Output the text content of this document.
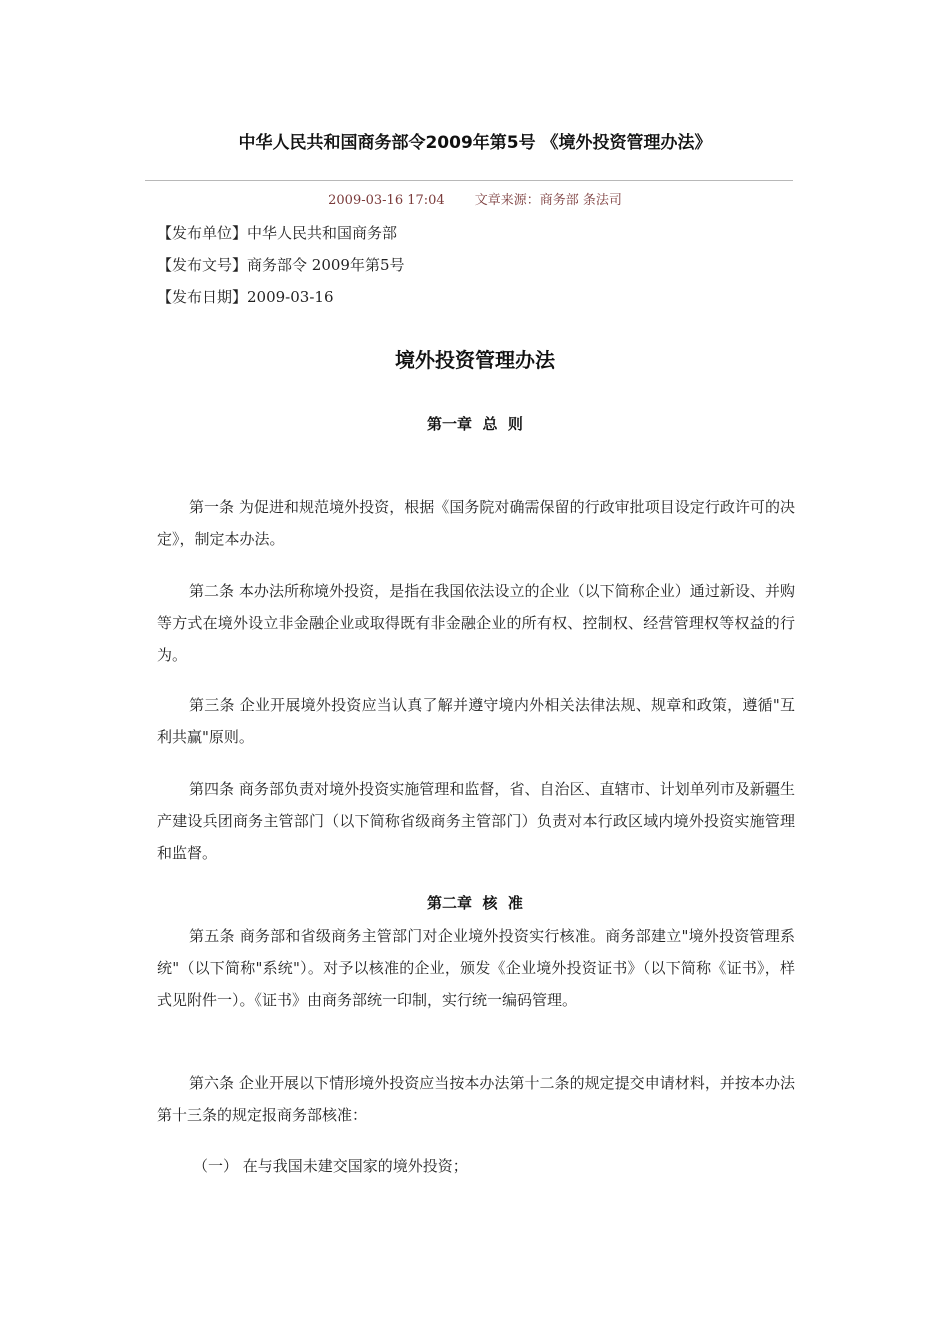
中华人民共和国商务部令2009年第5号 《境外投资管理办法》
2009-03-16 17:04 文章来源：商务部 条法司
【发布单位】中华人民共和国商务部
【发布文号】商务部令 2009年第5号
【发布日期】2009-03-16
境外投资管理办法
第一章  总  则
第一条 为促进和规范境外投资，根据《国务院对确需保留的行政审批项目设定行政许可的决定》，制定本办法。
第二条 本办法所称境外投资，是指在我国依法设立的企业（以下简称企业）通过新设、并购等方式在境外设立非金融企业或取得既有非金融企业的所有权、控制权、经营管理权等权益的行为。
第三条 企业开展境外投资应当认真了解并遵守境内外相关法律法规、规章和政策，遵循"互利共赢"原则。
第四条 商务部负责对境外投资实施管理和监督，省、自治区、直辖市、计划单列市及新疆生产建设兵团商务主管部门（以下简称省级商务主管部门）负责对本行政区域内境外投资实施管理和监督。
第二章  核  准
第五条 商务部和省级商务主管部门对企业境外投资实行核准。商务部建立"境外投资管理系统"（以下简称"系统"）。对予以核准的企业，颁发《企业境外投资证书》（以下简称《证书》，样式见附件一）。《证书》由商务部统一印制，实行统一编码管理。
第六条 企业开展以下情形境外投资应当按本办法第十二条的规定提交申请材料，并按本办法第十三条的规定报商务部核准：
（一） 在与我国未建交国家的境外投资；
